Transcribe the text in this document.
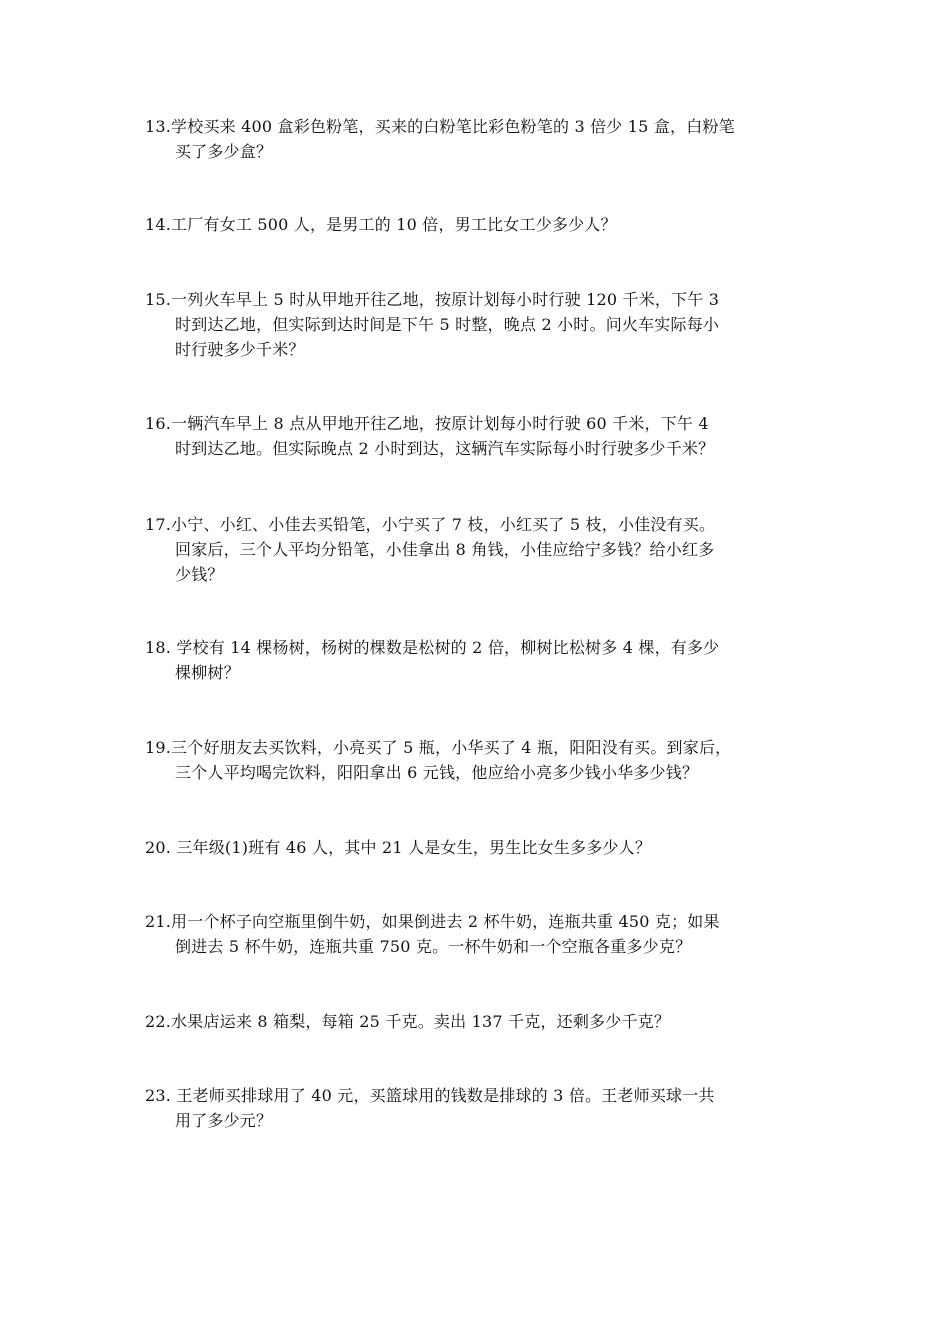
13.学校买来 400 盒彩色粉笔，买来的白粉笔比彩色粉笔的 3 倍少 15 盒，白粉笔
买了多少盒？
14.工厂有女工 500 人，是男工的 10 倍，男工比女工少多少人？
15.一列火车早上 5 时从甲地开往乙地，按原计划每小时行驶 120 千米，下午 3
时到达乙地，但实际到达时间是下午 5 时整，晚点 2 小时。问火车实际每小
时行驶多少千米？
16.一辆汽车早上 8 点从甲地开往乙地，按原计划每小时行驶 60 千米，下午 4
时到达乙地。但实际晚点 2 小时到达，这辆汽车实际每小时行驶多少千米？
17.小宁、小红、小佳去买铅笔，小宁买了 7 枝，小红买了 5 枝，小佳没有买。
回家后，三个人平均分铅笔，小佳拿出 8 角钱，小佳应给宁多钱？给小红多
少钱？
18. 学校有 14 棵杨树，杨树的棵数是松树的 2 倍，柳树比松树多 4 棵，有多少
棵柳树？
19.三个好朋友去买饮料，小亮买了 5 瓶，小华买了 4 瓶，阳阳没有买。到家后，
三个人平均喝完饮料，阳阳拿出 6 元钱，他应给小亮多少钱小华多少钱？
20. 三年级(1)班有 46 人，其中 21 人是女生，男生比女生多多少人？
21.用一个杯子向空瓶里倒牛奶，如果倒进去 2 杯牛奶，连瓶共重 450 克；如果
倒进去 5 杯牛奶，连瓶共重 750 克。一杯牛奶和一个空瓶各重多少克？
22.水果店运来 8 箱梨，每箱 25 千克。卖出 137 千克，还剩多少千克？
23. 王老师买排球用了 40 元，买篮球用的钱数是排球的 3 倍。王老师买球一共
用了多少元？
